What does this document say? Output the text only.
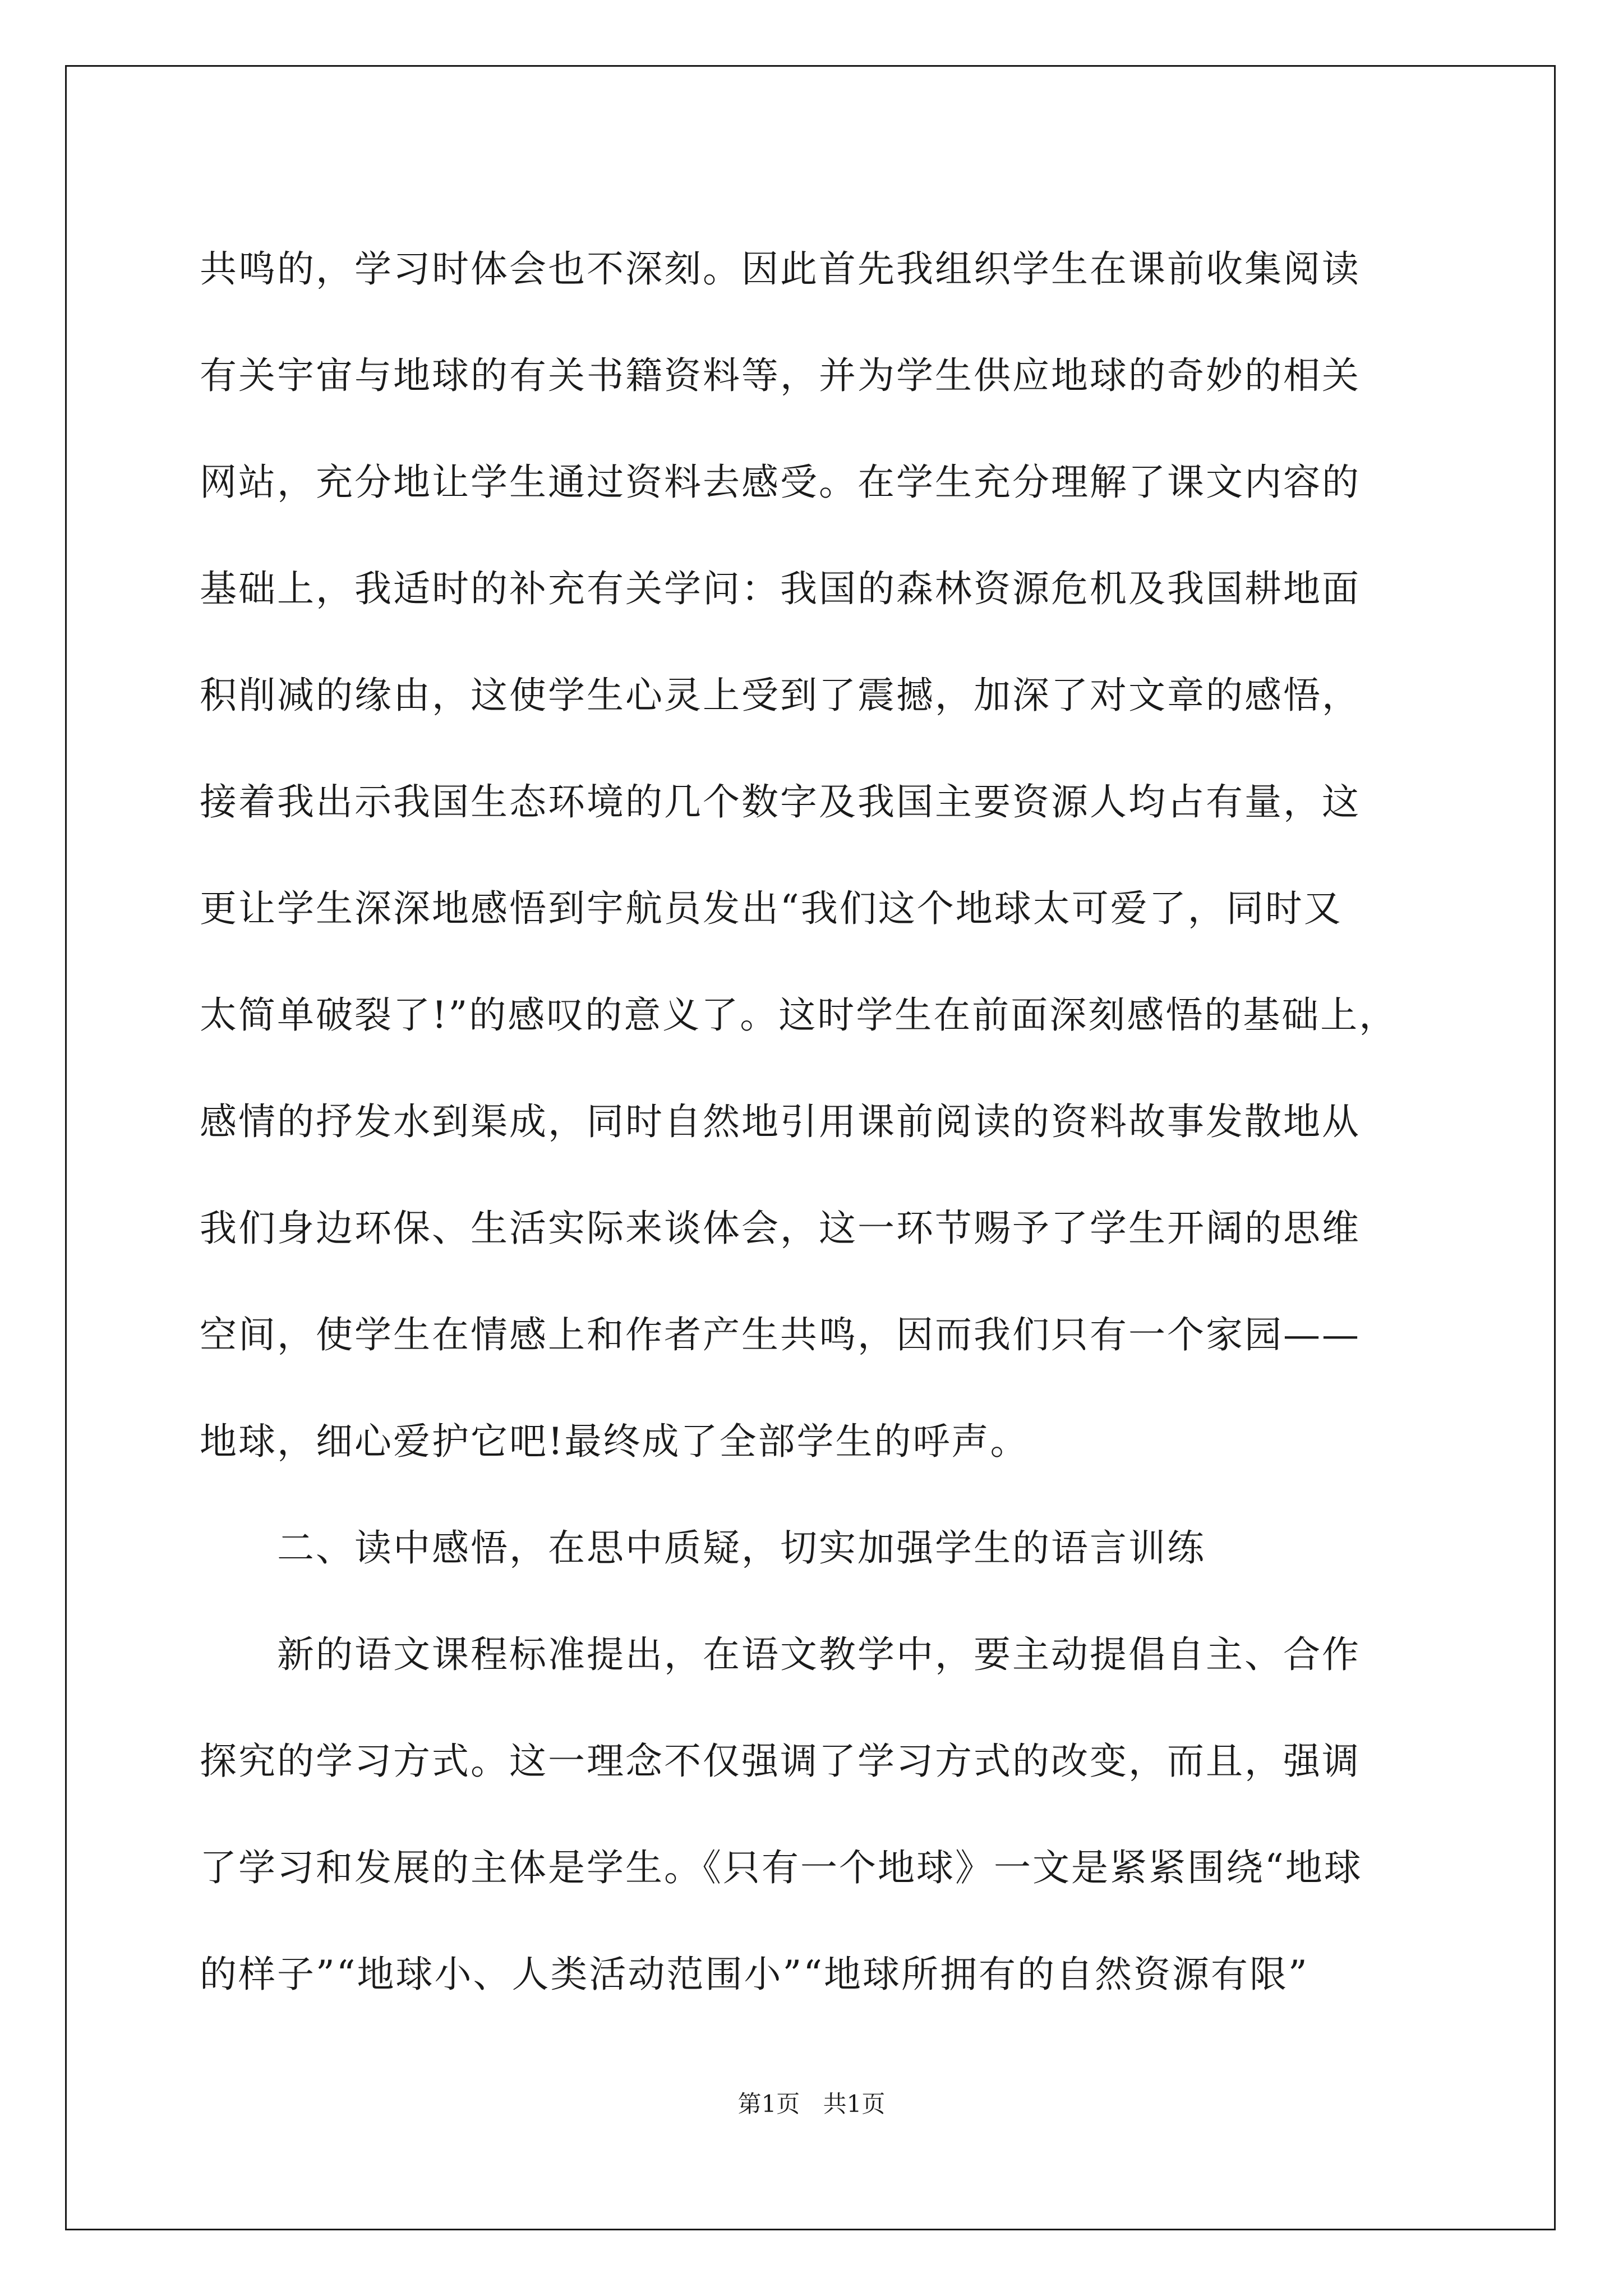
共鸣的，学习时体会也不深刻。因此首先我组织学生在课前收集阅读

有关宇宙与地球的有关书籍资料等，并为学生供应地球的奇妙的相关

网站，充分地让学生通过资料去感受。在学生充分理解了课文内容的

基础上，我适时的补充有关学问：我国的森林资源危机及我国耕地面

积削减的缘由，这使学生心灵上受到了震撼，加深了对文章的感悟，

接着我出示我国生态环境的几个数字及我国主要资源人均占有量，这

更让学生深深地感悟到宇航员发出“我们这个地球太可爱了，同时又

太简单破裂了!”的感叹的意义了。这时学生在前面深刻感悟的基础上，

感情的抒发水到渠成，同时自然地引用课前阅读的资料故事发散地从

我们身边环保、生活实际来谈体会，这一环节赐予了学生开阔的思维

空间，使学生在情感上和作者产生共鸣，因而我们只有一个家园——

地球，细心爱护它吧!最终成了全部学生的呼声。

二、读中感悟，在思中质疑，切实加强学生的语言训练

新的语文课程标准提出，在语文教学中，要主动提倡自主、合作

探究的学习方式。这一理念不仅强调了学习方式的改变，而且，强调

了学习和发展的主体是学生。《只有一个地球》一文是紧紧围绕“地球

的样子”“地球小、人类活动范围小”“地球所拥有的自然资源有限”

第1页 共1页
